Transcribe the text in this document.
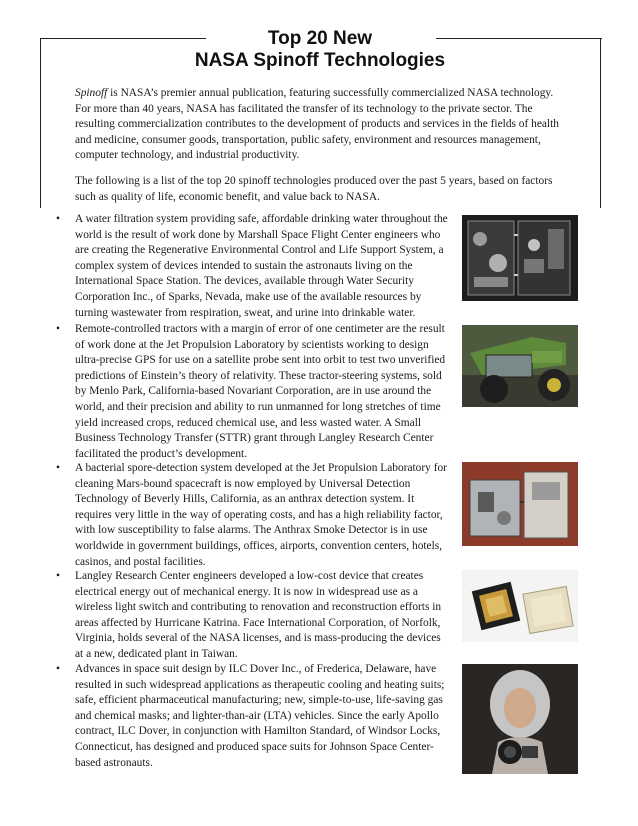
Top 20 New
NASA Spinoff Technologies

Spinoff is NASA’s premier annual publication, featuring successfully commercialized NASA technology. For more than 40 years, NASA has facilitated the transfer of its technology to the private sector. The resulting commercialization contributes to the development of products and services in the fields of health and medicine, consumer goods, transportation, public safety, environment and resources management, computer technology, and industrial productivity.

The following is a list of the top 20 spinoff technologies produced over the past 5 years, based on factors such as quality of life, economic benefit, and value back to NASA.

•	A water filtration system providing safe, affordable drinking water throughout the world is the result of work done by Marshall Space Flight Center engineers who are creating the Regenerative Environmental Control and Life Support System, a complex system of devices intended to sustain the astronauts living on the International Space Station. The devices, available through Water Security Corporation Inc., of Sparks, Nevada, make use of the available resources by turning wastewater from respiration, sweat, and urine into drinkable water.
•	Remote-controlled tractors with a margin of error of one centimeter are the result of work done at the Jet Propulsion Laboratory by scientists working to design ultra-precise GPS for use on a satellite probe sent into orbit to test two unverified predictions of Einstein’s theory of relativity. These tractor-steering systems, sold by Menlo Park, California-based Novariant Corporation, are in use around the world, and their precision and ability to run unmanned for long stretches of time yield increased crops, reduced chemical use, and less wasted water. A Small Business Technology Transfer (STTR) grant through Langley Research Center facilitated the product’s development.
•	A bacterial spore-detection system developed at the Jet Propulsion Laboratory for cleaning Mars-bound spacecraft is now employed by Universal Detection Technology of Beverly Hills, California, as an anthrax detection system. It requires very little in the way of operating costs, and has a high reliability factor, with low susceptibility to false alarms. The Anthrax Smoke Detector is in use worldwide in government buildings, offices, airports, convention centers, hotels, casinos, and postal facilities.
•	Langley Research Center engineers developed a low-cost device that creates electrical energy out of mechanical energy. It is now in widespread use as a wireless light switch and contributing to renovation and reconstruction efforts in areas affected by Hurricane Katrina. Face International Corporation, of Norfolk, Virginia, holds several of the NASA licenses, and is mass-producing the devices at a new, dedicated plant in Taiwan.
•	Advances in space suit design by ILC Dover Inc., of Frederica, Delaware, have resulted in such widespread applications as therapeutic cooling and heating suits; safe, efficient pharmaceutical manufacturing; new, simple-to-use, life-saving gas and chemical masks; and lighter-than-air (LTA) vehicles. Since the early Apollo contract, ILC Dover, in conjunction with Hamilton Standard, of Windsor Locks, Connecticut, has designed and produced space suits for Johnson Space Center-based astronauts.
